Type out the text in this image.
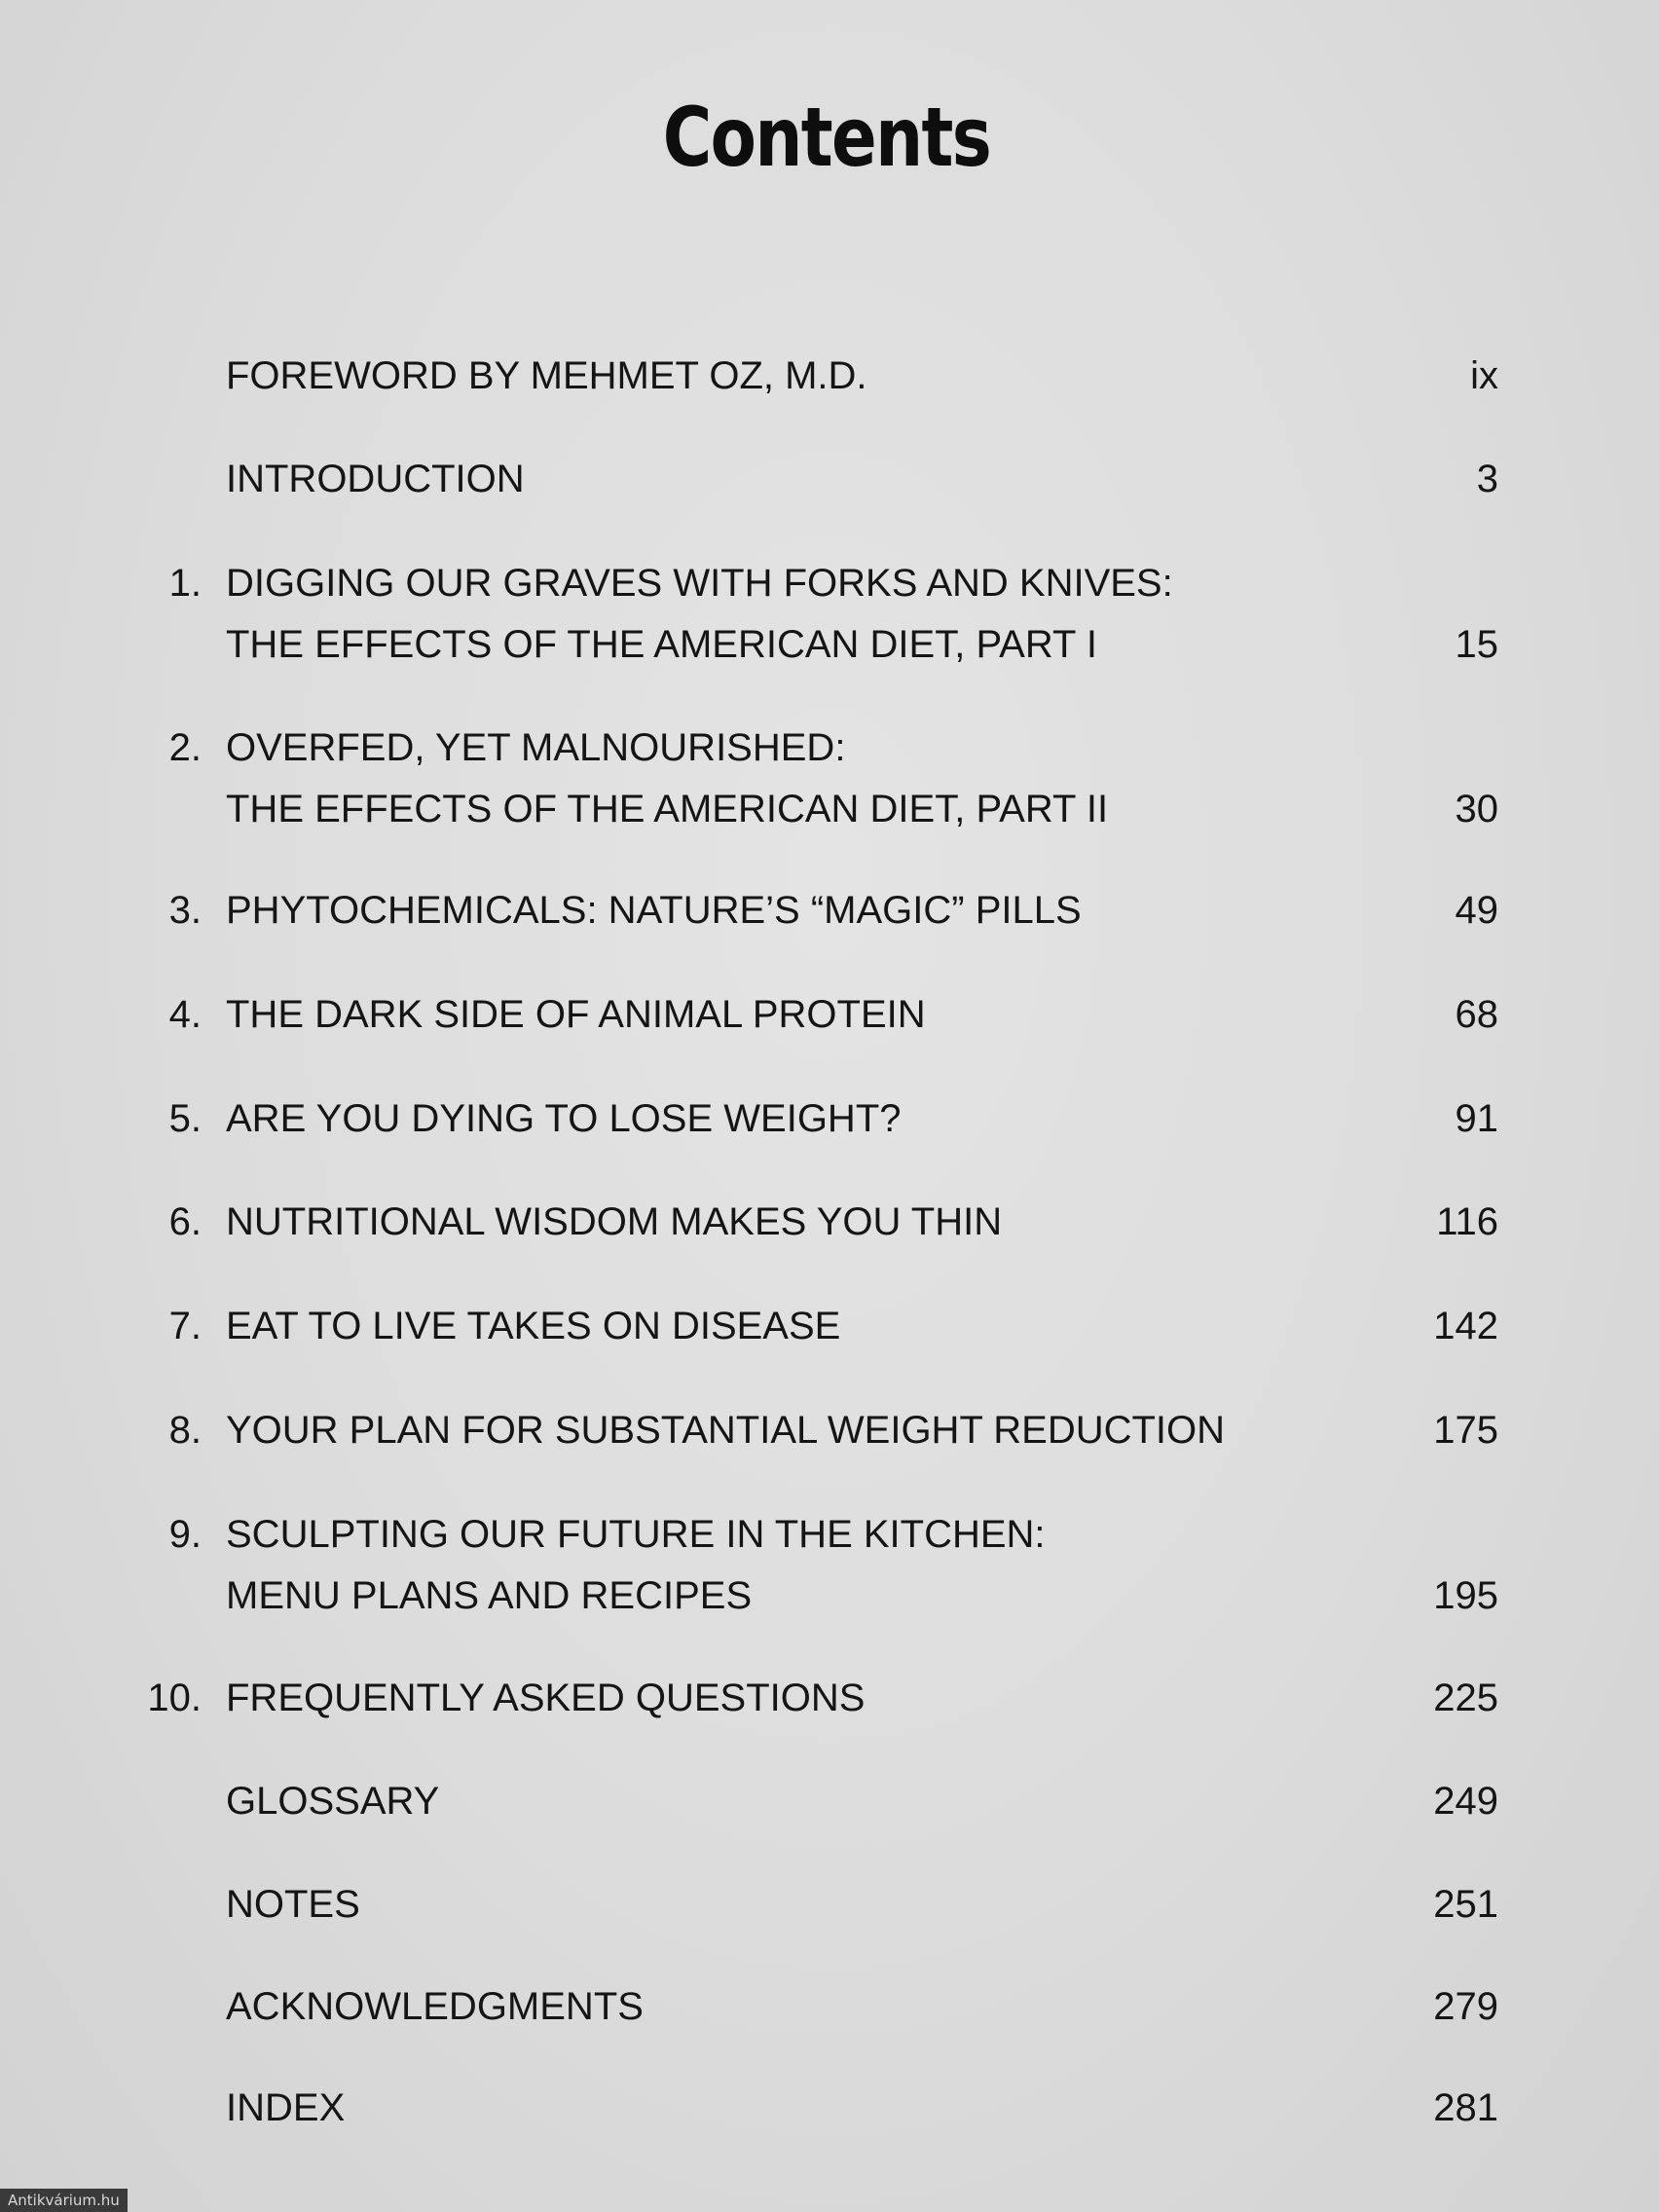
Contents
FOREWORD BY MEHMET OZ, M.D.	ix
INTRODUCTION	3
1. DIGGING OUR GRAVES WITH FORKS AND KNIVES:
THE EFFECTS OF THE AMERICAN DIET, PART I	15
2. OVERFED, YET MALNOURISHED:
THE EFFECTS OF THE AMERICAN DIET, PART II	30
3. PHYTOCHEMICALS: NATURE’S “MAGIC” PILLS	49
4. THE DARK SIDE OF ANIMAL PROTEIN	68
5. ARE YOU DYING TO LOSE WEIGHT?	91
6. NUTRITIONAL WISDOM MAKES YOU THIN	116
7. EAT TO LIVE TAKES ON DISEASE	142
8. YOUR PLAN FOR SUBSTANTIAL WEIGHT REDUCTION	175
9. SCULPTING OUR FUTURE IN THE KITCHEN:
MENU PLANS AND RECIPES	195
10. FREQUENTLY ASKED QUESTIONS	225
GLOSSARY	249
NOTES	251
ACKNOWLEDGMENTS	279
INDEX	281
Antikvárium.hu
